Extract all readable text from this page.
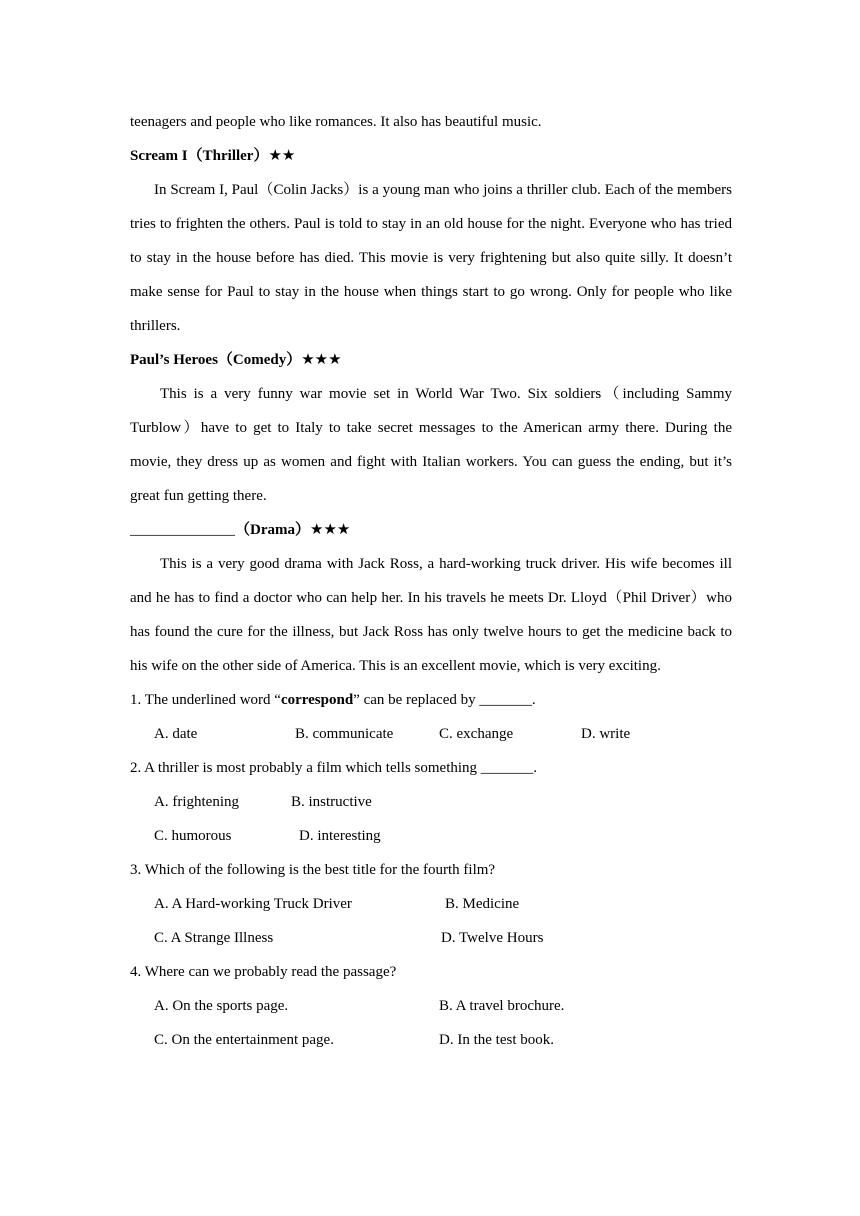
teenagers and people who like romances. It also has beautiful music.

Scream I（Thriller）★★

In Scream I, Paul（Colin Jacks）is a young man who joins a thriller club. Each of the members tries to frighten the others. Paul is told to stay in an old house for the night. Everyone who has tried to stay in the house before has died. This movie is very frightening but also quite silly. It doesn’t make sense for Paul to stay in the house when things start to go wrong. Only for people who like thrillers.

Paul’s Heroes（Comedy）★★★

This is a very funny war movie set in World War Two. Six soldiers（including Sammy Turblow）have to get to Italy to take secret messages to the American army there. During the movie, they dress up as women and fight with Italian workers. You can guess the ending, but it’s great fun getting there.

______________（Drama）★★★

This is a very good drama with Jack Ross, a hard-working truck driver. His wife becomes ill and he has to find a doctor who can help her. In his travels he meets Dr. Lloyd（Phil Driver）who has found the cure for the illness, but Jack Ross has only twelve hours to get the medicine back to his wife on the other side of America. This is an excellent movie, which is very exciting.

1. The underlined word “correspond” can be replaced by _______.

A. date	B. communicate	C. exchange	D. write

2. A thriller is most probably a film which tells something _______.

A. frightening	B. instructive
C. humorous	D. interesting

3. Which of the following is the best title for the fourth film?

A. A Hard-working Truck Driver	B. Medicine
C. A Strange Illness	D. Twelve Hours

4. Where can we probably read the passage?

A. On the sports page.	B. A travel brochure.
C. On the entertainment page.	D. In the test book.
